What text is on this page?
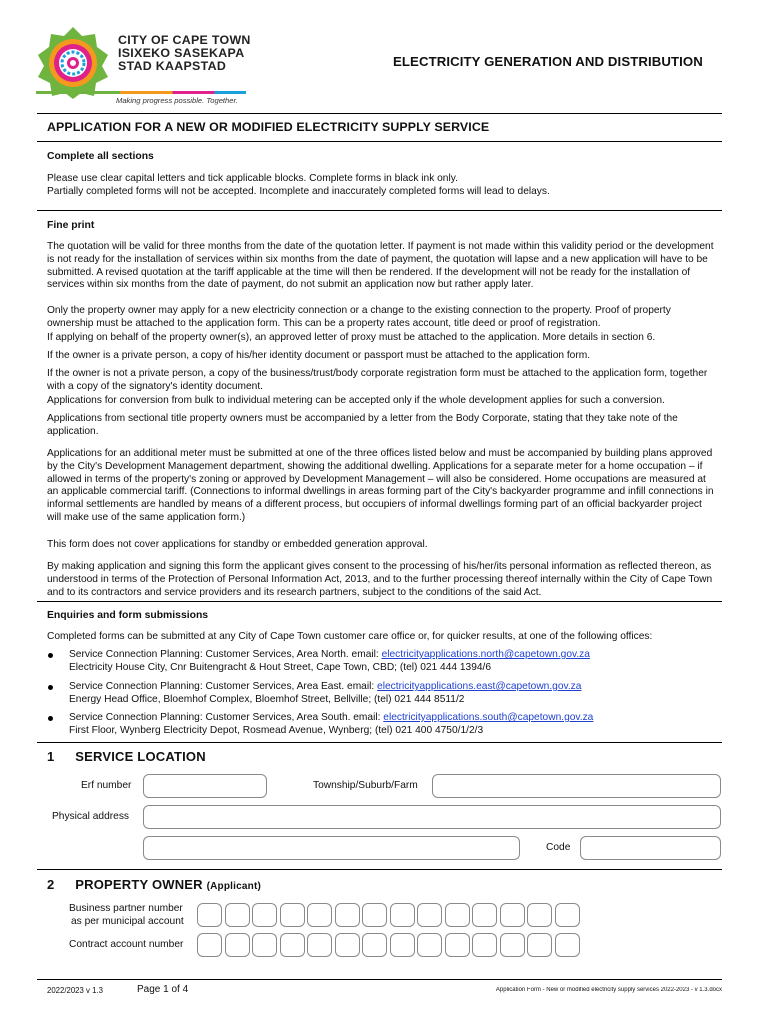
CITY OF CAPE TOWN
ISIXEKO SASEKAPA
STAD KAAPSTAD
Making progress possible. Together.
ELECTRICITY GENERATION AND DISTRIBUTION
APPLICATION FOR A NEW OR MODIFIED ELECTRICITY SUPPLY SERVICE
Complete all sections

Please use clear capital letters and tick applicable blocks. Complete forms in black ink only.

Partially completed forms will not be accepted. Incomplete and inaccurately completed forms will lead to delays.

Fine print

The quotation will be valid for three months from the date of the quotation letter. If payment is not made within this validity period or the development is not ready for the installation of services within six months from the date of payment, the quotation will lapse and a new application will have to be submitted. A revised quotation at the tariff applicable at the time will then be rendered. If the development will not be ready for the installation of services within six months from the date of payment, do not submit an application now but rather apply later.

Only the property owner may apply for a new electricity connection or a change to the existing connection to the property. Proof of property ownership must be attached to the application form. This can be a property rates account, title deed or proof of registration.

If applying on behalf of the property owner(s), an approved letter of proxy must be attached to the application. More details in section 6.

If the owner is a private person, a copy of his/her identity document or passport must be attached to the application form.

If the owner is not a private person, a copy of the business/trust/body corporate registration form must be attached to the application form, together with a copy of the signatory's identity document.

Applications for conversion from bulk to individual metering can be accepted only if the whole development applies for such a conversion.

Applications from sectional title property owners must be accompanied by a letter from the Body Corporate, stating that they take note of the application.

Applications for an additional meter must be submitted at one of the three offices listed below and must be accompanied by building plans approved by the City's Development Management department, showing the additional dwelling. Applications for a separate meter for a home occupation – if allowed in terms of the property's zoning or approved by Development Management – will also be considered. Home occupations are measured at an applicable commercial tariff. (Connections to informal dwellings in areas forming part of the City's backyarder programme and infill connections in informal settlements are handled by means of a different process, but occupiers of informal dwellings forming part of an official backyarder project will make use of the same application form.)

This form does not cover applications for standby or embedded generation approval.

By making application and signing this form the applicant gives consent to the processing of his/her/its personal information as reflected thereon, as understood in terms of the Protection of Personal Information Act, 2013, and to the further processing thereof internally within the City of Cape Town and to its contractors and service providers and its research partners, subject to the conditions of the said Act.

Enquiries and form submissions

Completed forms can be submitted at any City of Cape Town customer care office or, for quicker results, at one of the following offices:

Service Connection Planning: Customer Services, Area North. email: electricityapplications.north@capetown.gov.za
Electricity House City, Cnr Buitengracht & Hout Street, Cape Town, CBD; (tel) 021 444 1394/6
Service Connection Planning: Customer Services, Area East. email: electricityapplications.east@capetown.gov.za
Energy Head Office, Bloemhof Complex, Bloemhof Street, Bellville; (tel) 021 444 8511/2
Service Connection Planning: Customer Services, Area South. email: electricityapplications.south@capetown.gov.za
First Floor, Wynberg Electricity Depot, Rosmead Avenue, Wynberg; (tel) 021 400 4750/1/2/3
1 SERVICE LOCATION
Erf number	Township/Suburb/Farm
Physical address
Code
2 PROPERTY OWNER (Applicant)
Business partner number
as per municipal account
Contract account number
2022/2023 v 1.3	Page 1 of 4	Application Form - New or modified electricity supply services 2022-2023 - v 1.3.docx
